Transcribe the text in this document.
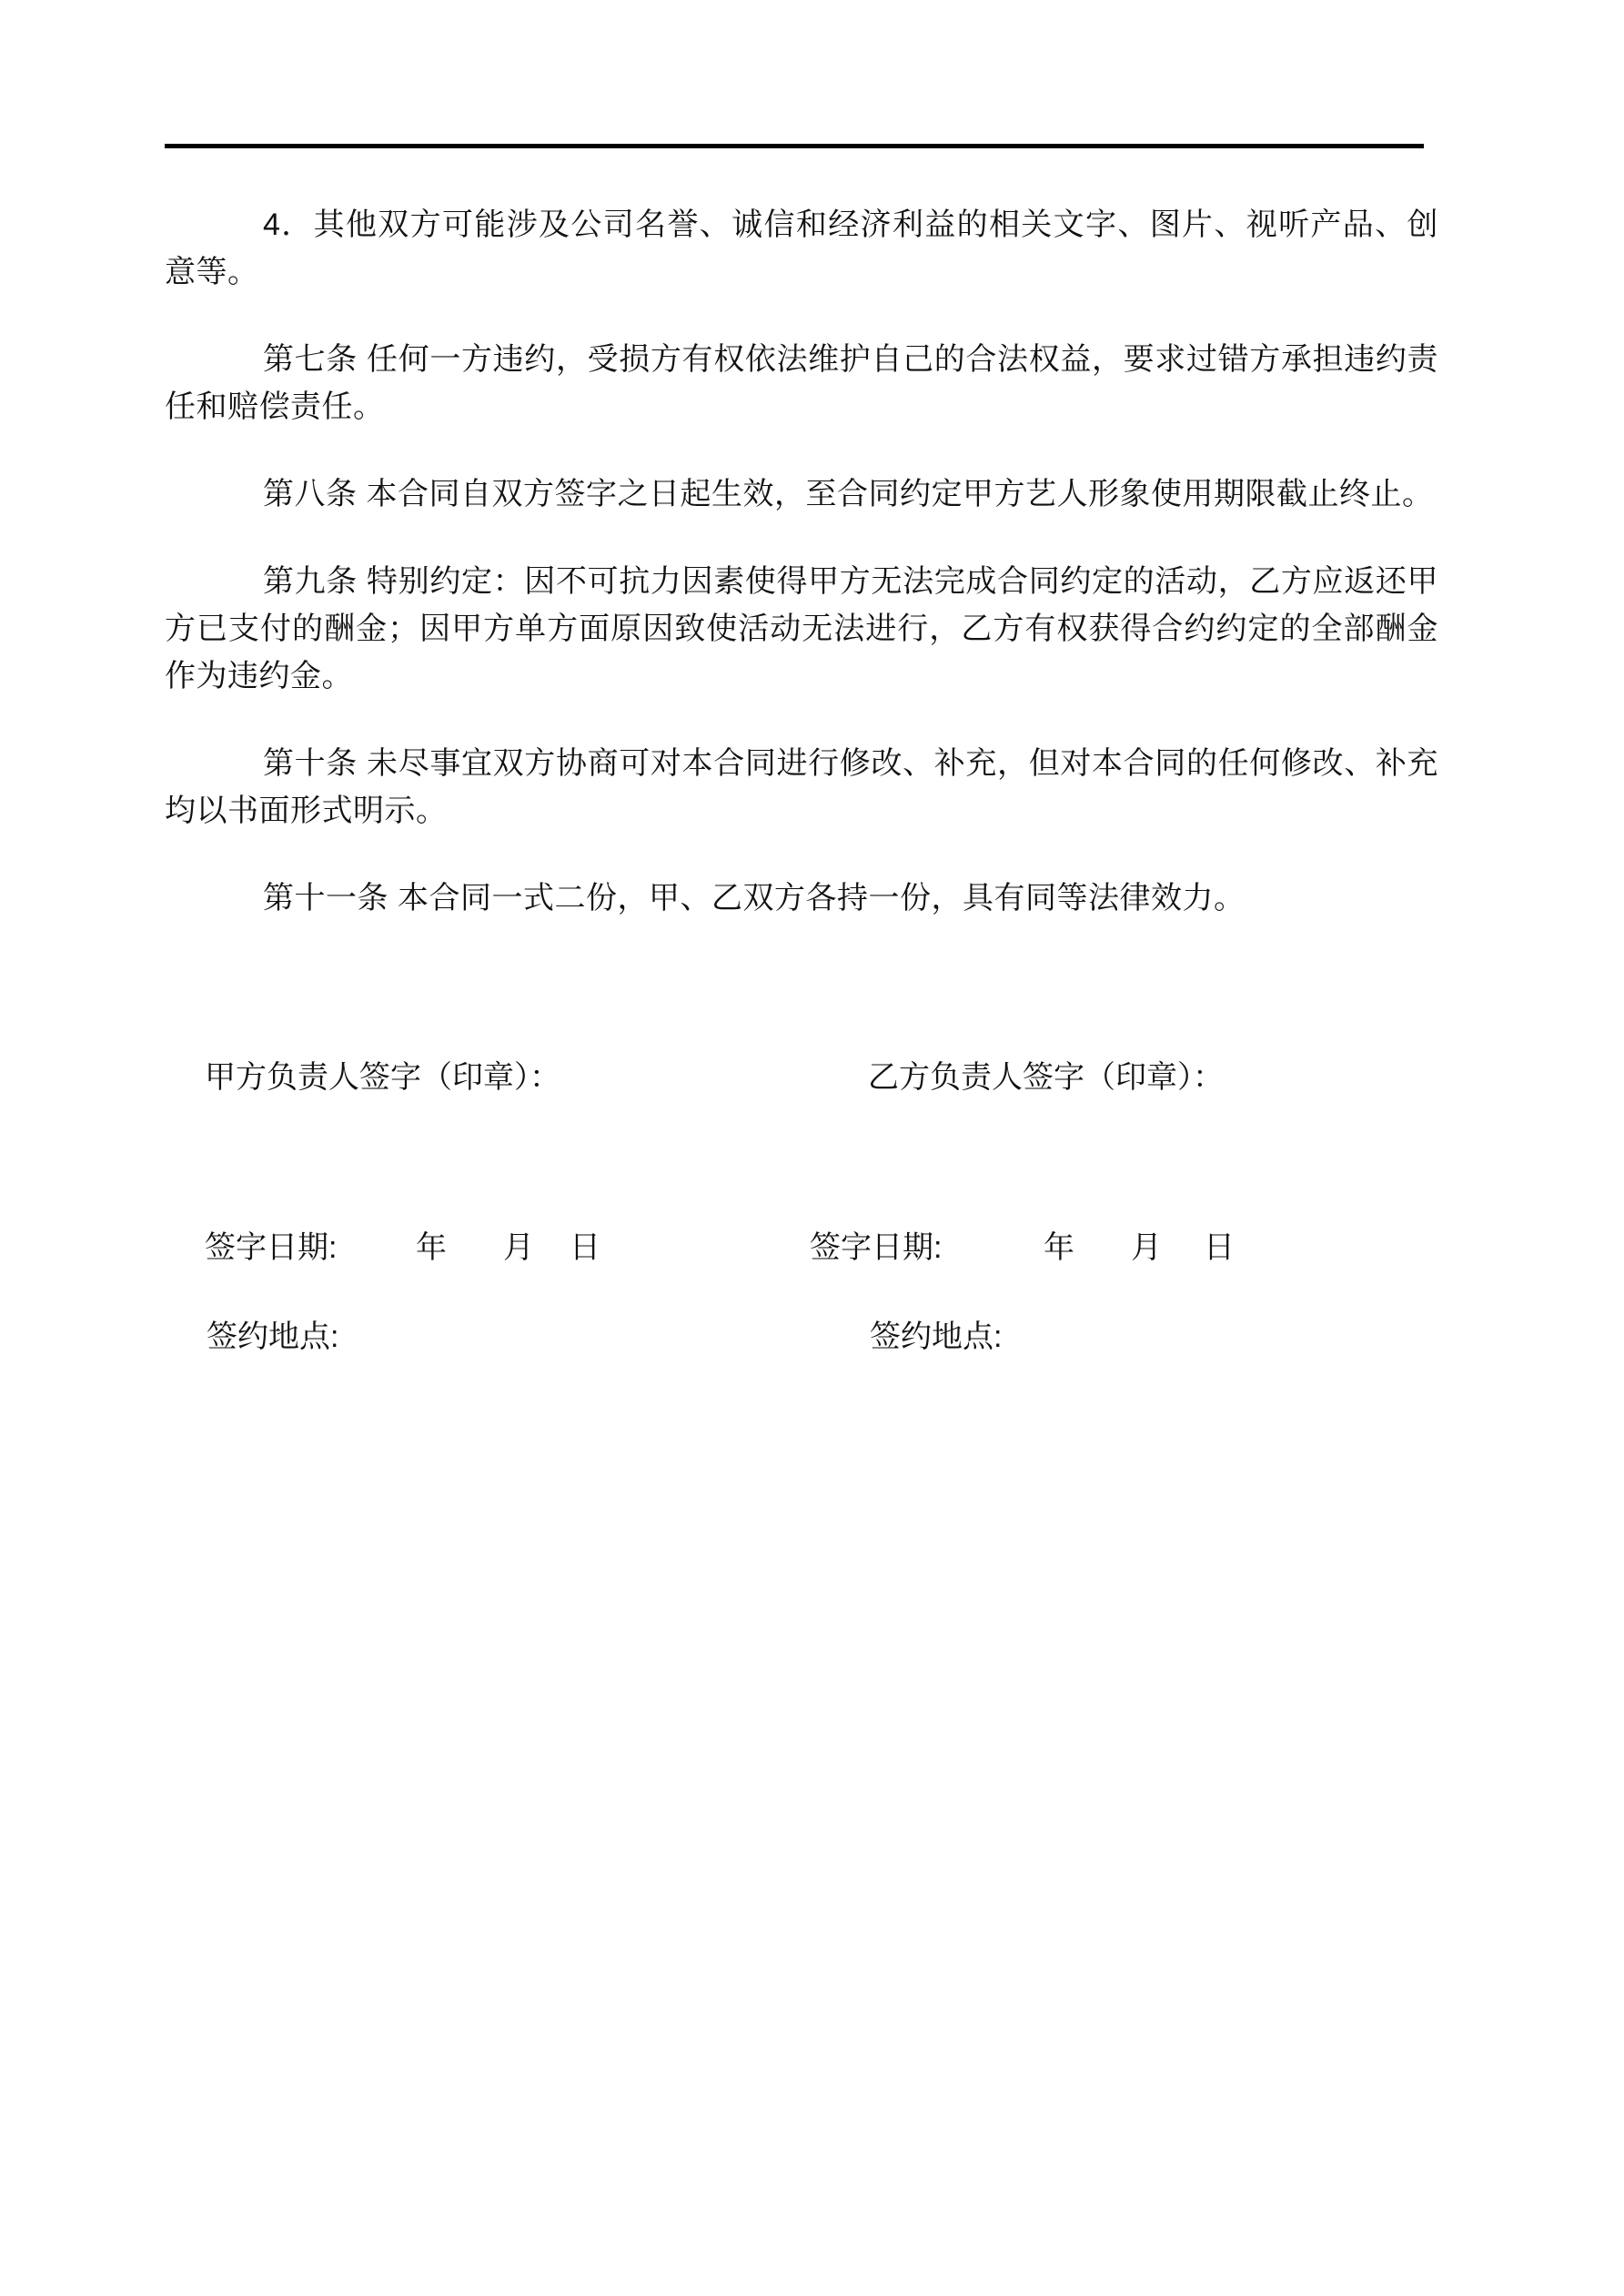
4．其他双方可能涉及公司名誉、诚信和经济利益的相关文字、图片、视听产品、创意等。

第七条 任何一方违约，受损方有权依法维护自己的合法权益，要求过错方承担违约责任和赔偿责任。

第八条 本合同自双方签字之日起生效，至合同约定甲方艺人形象使用期限截止终止。

第九条 特别约定：因不可抗力因素使得甲方无法完成合同约定的活动，乙方应返还甲方已支付的酬金；因甲方单方面原因致使活动无法进行，乙方有权获得合约约定的全部酬金作为违约金。

第十条 未尽事宜双方协商可对本合同进行修改、补充，但对本合同的任何修改、补充均以书面形式明示。

第十一条 本合同一式二份，甲、乙双方各持一份，具有同等法律效力。

甲方负责人签字（印章）：	乙方负责人签字（印章）：
签字日期:	年 月 日	签字日期:	年 月 日
签约地点:	签约地点:
